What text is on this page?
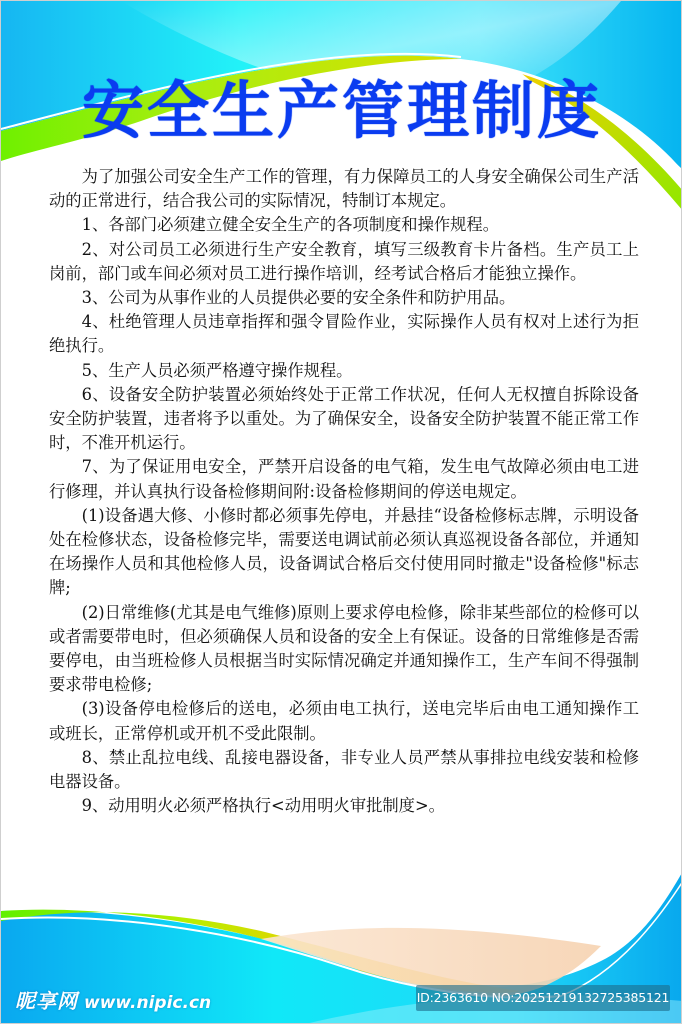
安全生产管理制度

为了加强公司安全生产工作的管理，有力保障员工的人身安全确保公司生产活动的正常进行，结合我公司的实际情况，特制订本规定。

1、各部门必须建立健全安全生产的各项制度和操作规程。

2、对公司员工必须进行生产安全教育，填写三级教育卡片备档。生产员工上岗前，部门或车间必须对员工进行操作培训，经考试合格后才能独立操作。

3、公司为从事作业的人员提供必要的安全条件和防护用品。

4、杜绝管理人员违章指挥和强令冒险作业，实际操作人员有权对上述行为拒绝执行。

5、生产人员必须严格遵守操作规程。

6、设备安全防护装置必须始终处于正常工作状况，任何人无权擅自拆除设备安全防护装置，违者将予以重处。为了确保安全，设备安全防护装置不能正常工作时，不准开机运行。

7、为了保证用电安全，严禁开启设备的电气箱，发生电气故障必须由电工进行修理，并认真执行设备检修期间附:设备检修期间的停送电规定。

(1)设备遇大修、小修时都必须事先停电，并悬挂“设备检修标志牌，示明设备处在检修状态，设备检修完毕，需要送电调试前必须认真巡视设备各部位，并通知在场操作人员和其他检修人员，设备调试合格后交付使用同时撤走"设备检修"标志牌;

(2)日常维修(尤其是电气维修)原则上要求停电检修，除非某些部位的检修可以或者需要带电时，但必须确保人员和设备的安全上有保证。设备的日常维修是否需要停电，由当班检修人员根据当时实际情况确定并通知操作工，生产车间不得强制要求带电检修;

(3)设备停电检修后的送电，必须由电工执行，送电完毕后由电工通知操作工或班长，正常停机或开机不受此限制。

8、禁止乱拉电线、乱接电器设备，非专业人员严禁从事排拉电线安装和检修电器设备。

9、动用明火必须严格执行<动用明火审批制度>。

昵享网 www.nipic.cn	ID:2363610 NO:20251219132725385121
